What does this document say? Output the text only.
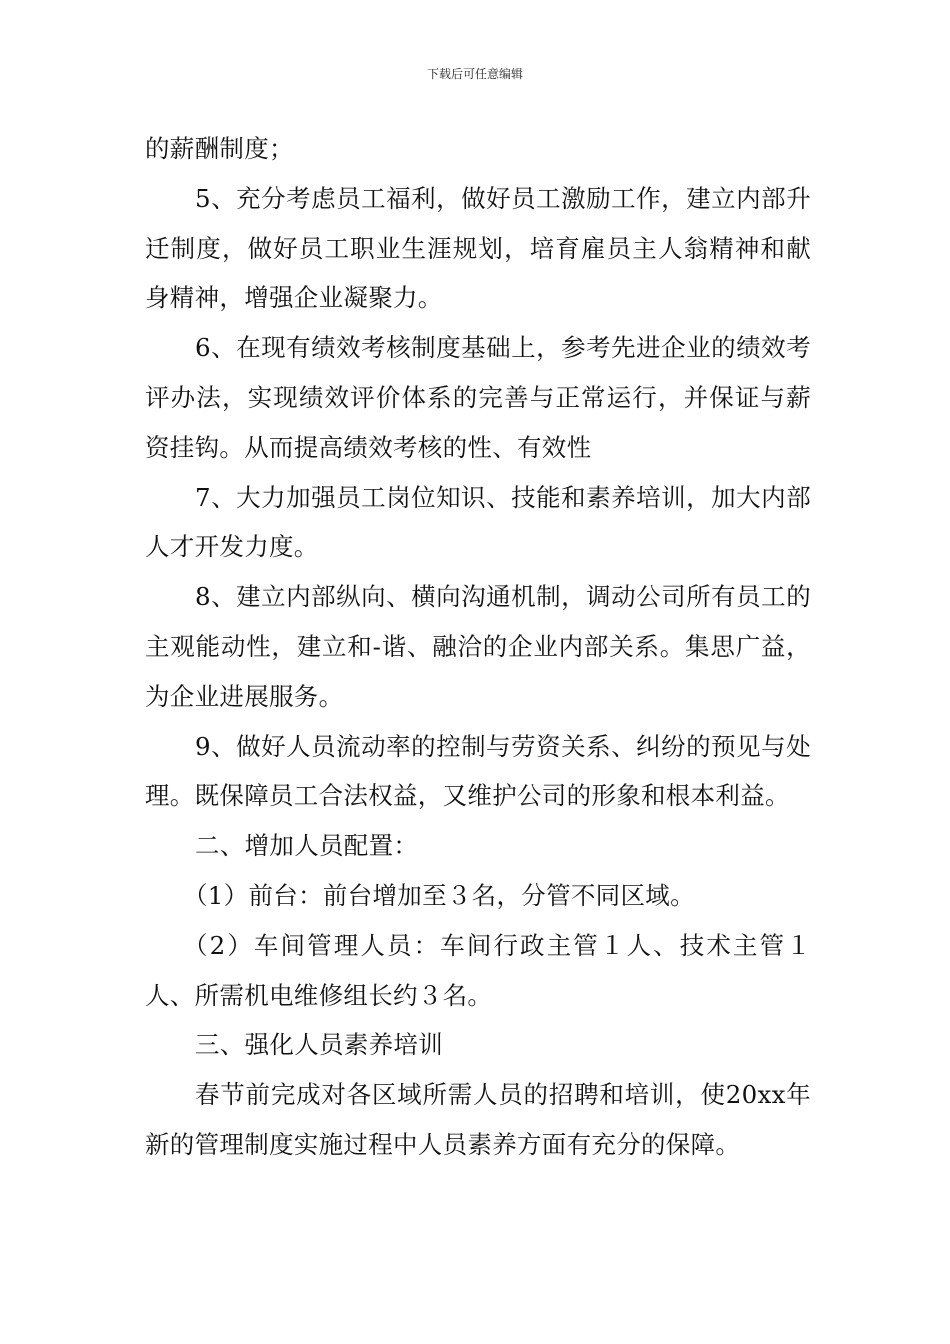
下载后可任意编辑

的薪酬制度；

5、充分考虑员工福利，做好员工激励工作，建立内部升迁制度，做好员工职业生涯规划，培育雇员主人翁精神和献身精神，增强企业凝聚力。

6、在现有绩效考核制度基础上，参考先进企业的绩效考评办法，实现绩效评价体系的完善与正常运行，并保证与薪资挂钩。从而提高绩效考核的性、有效性

7、大力加强员工岗位知识、技能和素养培训，加大内部人才开发力度。

8、建立内部纵向、横向沟通机制，调动公司所有员工的主观能动性，建立和-谐、融洽的企业内部关系。集思广益，为企业进展服务。

9、做好人员流动率的控制与劳资关系、纠纷的预见与处理。既保障员工合法权益，又维护公司的形象和根本利益。

二、增加人员配置：

（1）前台：前台增加至３名，分管不同区域。

（2）车间管理人员：车间行政主管１人、技术主管１人、所需机电维修组长约３名。

三、强化人员素养培训

春节前完成对各区域所需人员的招聘和培训，使20xx年新的管理制度实施过程中人员素养方面有充分的保障。
